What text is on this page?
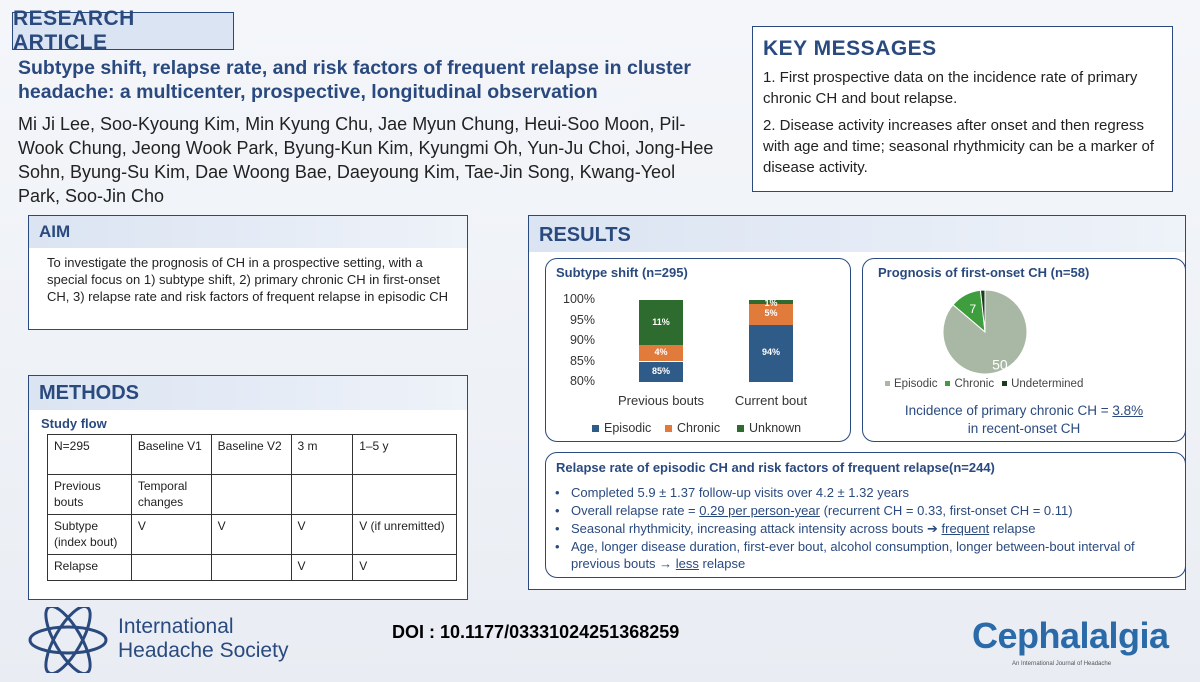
RESEARCH ARTICLE
Subtype shift, relapse rate, and risk factors of frequent relapse in cluster headache: a multicenter, prospective, longitudinal observation
Mi Ji Lee, Soo-Kyoung Kim, Min Kyung Chu, Jae Myun Chung, Heui-Soo Moon, Pil-Wook Chung, Jeong Wook Park, Byung-Kun Kim, Kyungmi Oh, Yun-Ju Choi, Jong-Hee Sohn, Byung-Su Kim, Dae Woong Bae, Daeyoung Kim, Tae-Jin Song, Kwang-Yeol Park, Soo-Jin Cho
KEY MESSAGES
1. First prospective data on the incidence rate of primary chronic CH and bout relapse.
2. Disease activity increases after onset and then regress with age and time; seasonal rhythmicity can be a marker of disease activity.
AIM
To investigate the prognosis of CH in a prospective setting, with a special focus on 1) subtype shift, 2) primary chronic CH in first-onset CH, 3) relapse rate and risk factors of frequent relapse in episodic CH
METHODS
Study flow
N=295	Baseline V1	Baseline V2	3 m	1–5 y
Previous bouts	Temporal changes			
Subtype (index bout)	V	V	V	V (if unremitted)
Relapse			V	V
RESULTS
Subtype shift (n=295)
80%
85%
90%
95%
100%
85%
4%
11%
Previous bouts
94%
5%
1%
Current bout
Episodic Chronic Unknown
Prognosis of first-onset CH (n=58)
50
7
Episodic Chronic Undetermined
Incidence of primary chronic CH = 3.8%
in recent-onset CH
Relapse rate of episodic CH and risk factors of frequent relapse(n=244)
• Completed 5.9 ± 1.37 follow-up visits over 4.2 ± 1.32 years
• Overall relapse rate = 0.29 per person-year (recurrent CH = 0.33, first-onset CH = 0.11)
• Seasonal rhythmicity, increasing attack intensity across bouts ➔ frequent relapse
• Age, longer disease duration, first-ever bout, alcohol consumption, longer between-bout interval of previous bouts → less relapse
International
Headache Society
DOI : 10.1177/03331024251368259	Cephalalgia
An International Journal of Headache
